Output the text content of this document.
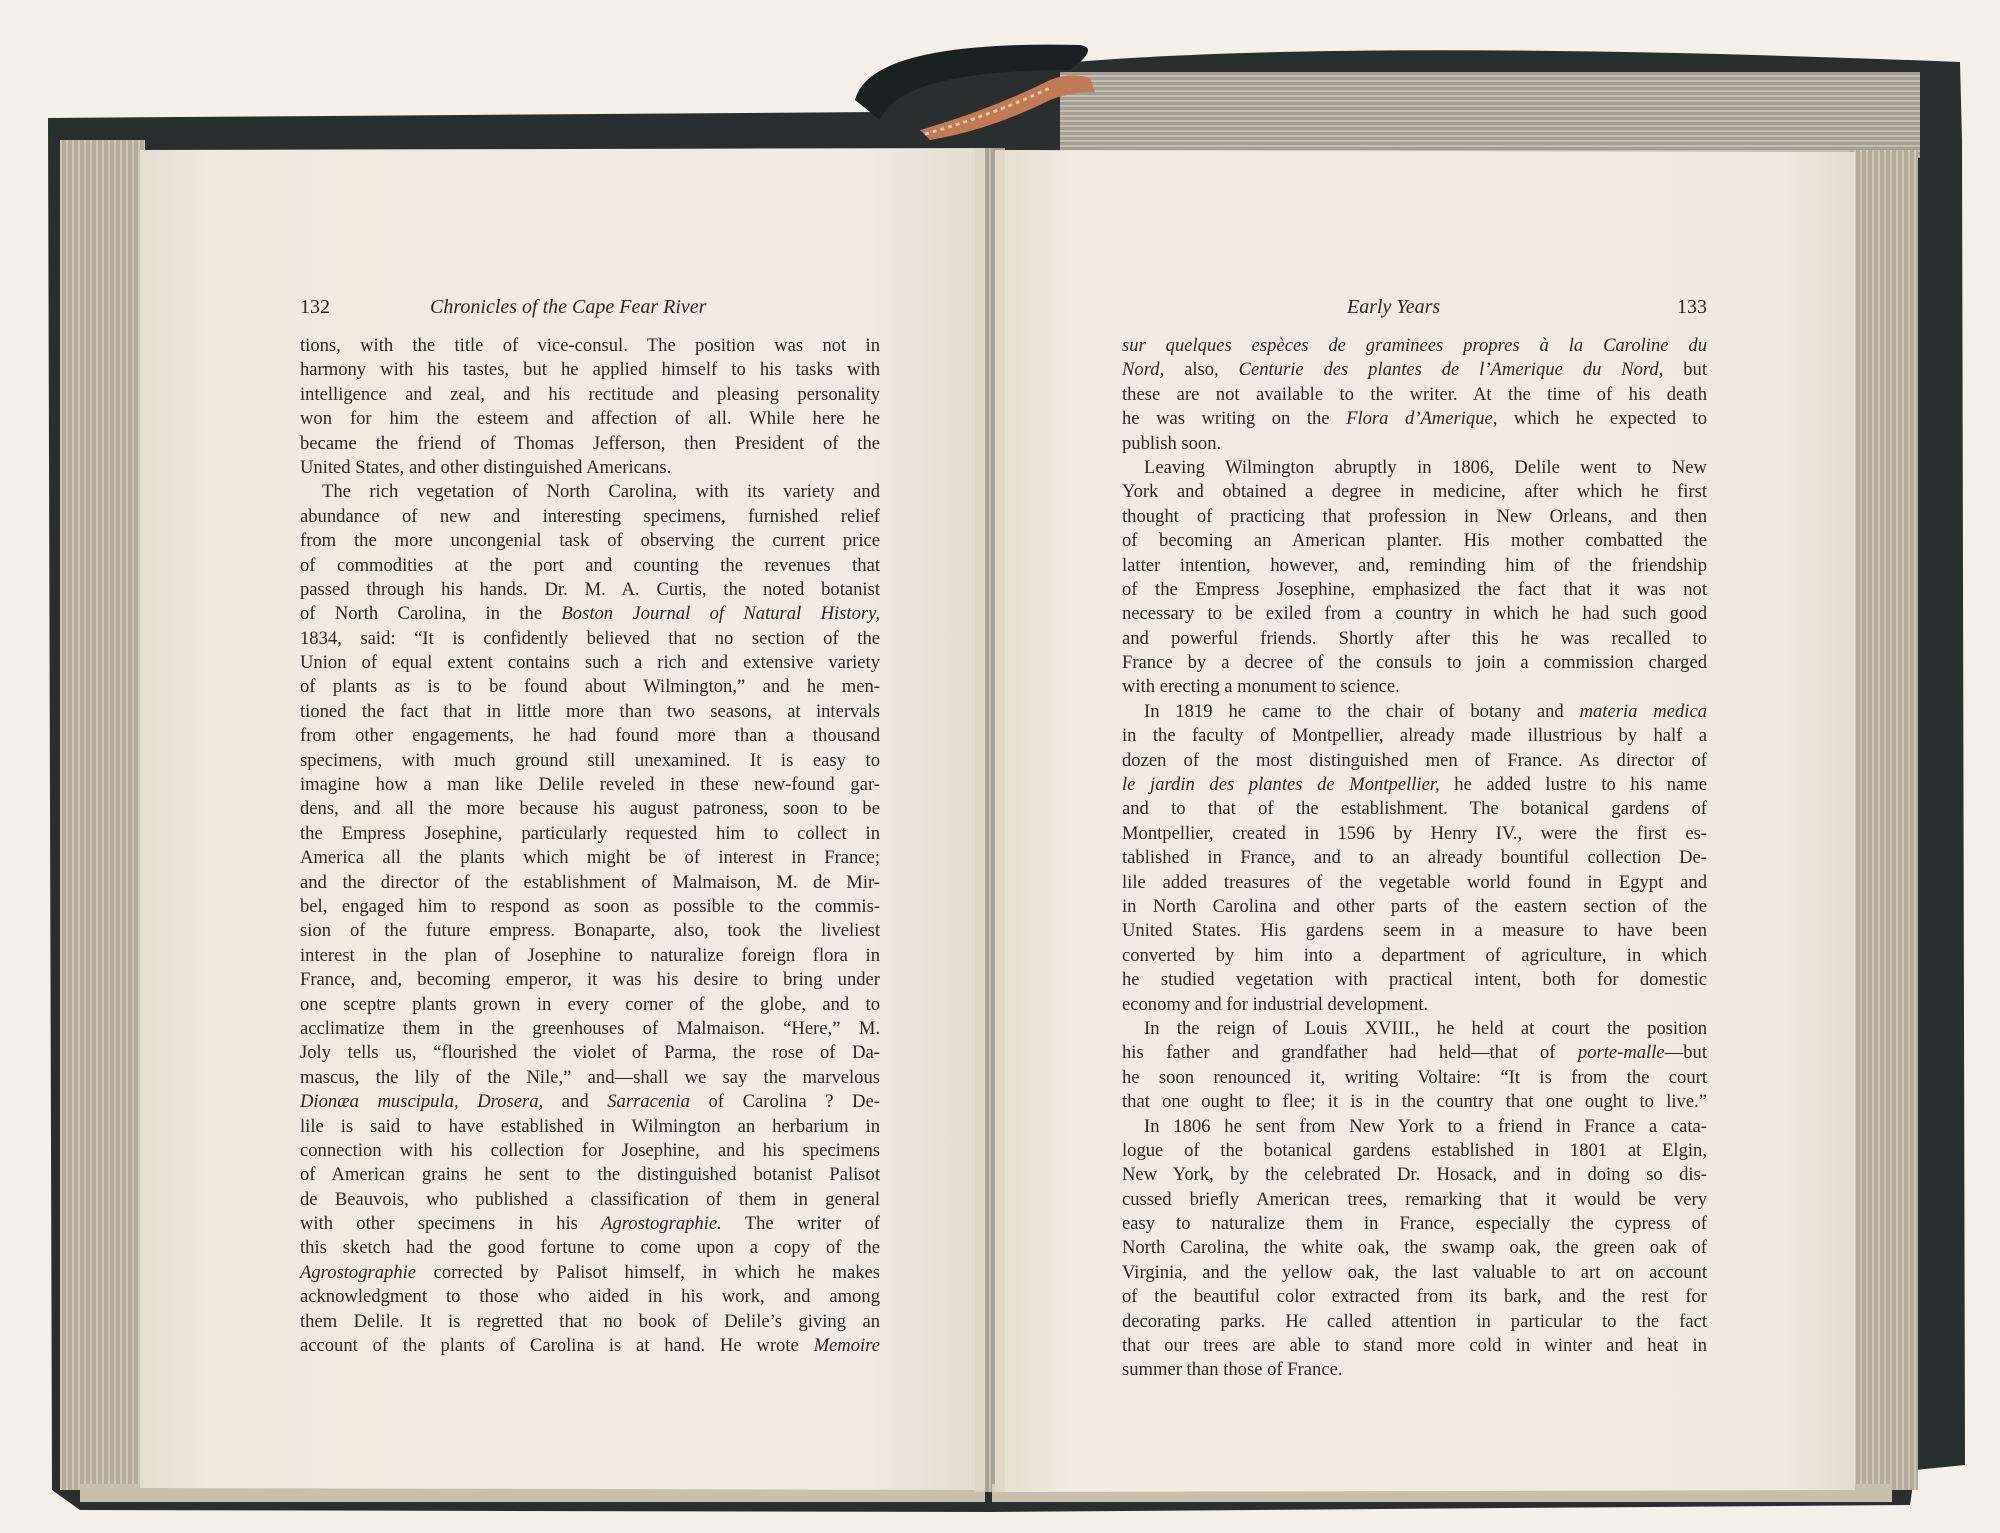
132	Chronicles of the Cape Fear River
tions, with the title of vice-consul. The position was not in
harmony with his tastes, but he applied himself to his tasks with
intelligence and zeal, and his rectitude and pleasing personality
won for him the esteem and affection of all. While here he
became the friend of Thomas Jefferson, then President of the
United States, and other distinguished Americans.
The rich vegetation of North Carolina, with its variety and
abundance of new and interesting specimens, furnished relief
from the more uncongenial task of observing the current price
of commodities at the port and counting the revenues that
passed through his hands. Dr. M. A. Curtis, the noted botanist
of North Carolina, in the Boston Journal of Natural History,
1834, said: “It is confidently believed that no section of the
Union of equal extent contains such a rich and extensive variety
of plants as is to be found about Wilmington,” and he men-
tioned the fact that in little more than two seasons, at intervals
from other engagements, he had found more than a thousand
specimens, with much ground still unexamined. It is easy to
imagine how a man like Delile reveled in these new-found gar-
dens, and all the more because his august patroness, soon to be
the Empress Josephine, particularly requested him to collect in
America all the plants which might be of interest in France;
and the director of the establishment of Malmaison, M. de Mir-
bel, engaged him to respond as soon as possible to the commis-
sion of the future empress. Bonaparte, also, took the liveliest
interest in the plan of Josephine to naturalize foreign flora in
France, and, becoming emperor, it was his desire to bring under
one sceptre plants grown in every corner of the globe, and to
acclimatize them in the greenhouses of Malmaison. “Here,” M.
Joly tells us, “flourished the violet of Parma, the rose of Da-
mascus, the lily of the Nile,” and—shall we say the marvelous
Dionæa muscipula, Drosera, and Sarracenia of Carolina ? De-
lile is said to have established in Wilmington an herbarium in
connection with his collection for Josephine, and his specimens
of American grains he sent to the distinguished botanist Palisot
de Beauvois, who published a classification of them in general
with other specimens in his Agrostographie. The writer of
this sketch had the good fortune to come upon a copy of the
Agrostographie corrected by Palisot himself, in which he makes
acknowledgment to those who aided in his work, and among
them Delile. It is regretted that no book of Delile’s giving an
account of the plants of Carolina is at hand. He wrote Memoire
Early Years	133
sur quelques espèces de graminees propres à la Caroline du
Nord, also, Centurie des plantes de l’Amerique du Nord, but
these are not available to the writer. At the time of his death
he was writing on the Flora d’Amerique, which he expected to
publish soon.
Leaving Wilmington abruptly in 1806, Delile went to New
York and obtained a degree in medicine, after which he first
thought of practicing that profession in New Orleans, and then
of becoming an American planter. His mother combatted the
latter intention, however, and, reminding him of the friendship
of the Empress Josephine, emphasized the fact that it was not
necessary to be exiled from a country in which he had such good
and powerful friends. Shortly after this he was recalled to
France by a decree of the consuls to join a commission charged
with erecting a monument to science.
In 1819 he came to the chair of botany and materia medica
in the faculty of Montpellier, already made illustrious by half a
dozen of the most distinguished men of France. As director of
le jardin des plantes de Montpellier, he added lustre to his name
and to that of the establishment. The botanical gardens of
Montpellier, created in 1596 by Henry IV., were the first es-
tablished in France, and to an already bountiful collection De-
lile added treasures of the vegetable world found in Egypt and
in North Carolina and other parts of the eastern section of the
United States. His gardens seem in a measure to have been
converted by him into a department of agriculture, in which
he studied vegetation with practical intent, both for domestic
economy and for industrial development.
In the reign of Louis XVIII., he held at court the position
his father and grandfather had held—that of porte-malle—but
he soon renounced it, writing Voltaire: “It is from the court
that one ought to flee; it is in the country that one ought to live.”
In 1806 he sent from New York to a friend in France a cata-
logue of the botanical gardens established in 1801 at Elgin,
New York, by the celebrated Dr. Hosack, and in doing so dis-
cussed briefly American trees, remarking that it would be very
easy to naturalize them in France, especially the cypress of
North Carolina, the white oak, the swamp oak, the green oak of
Virginia, and the yellow oak, the last valuable to art on account
of the beautiful color extracted from its bark, and the rest for
decorating parks. He called attention in particular to the fact
that our trees are able to stand more cold in winter and heat in
summer than those of France.
